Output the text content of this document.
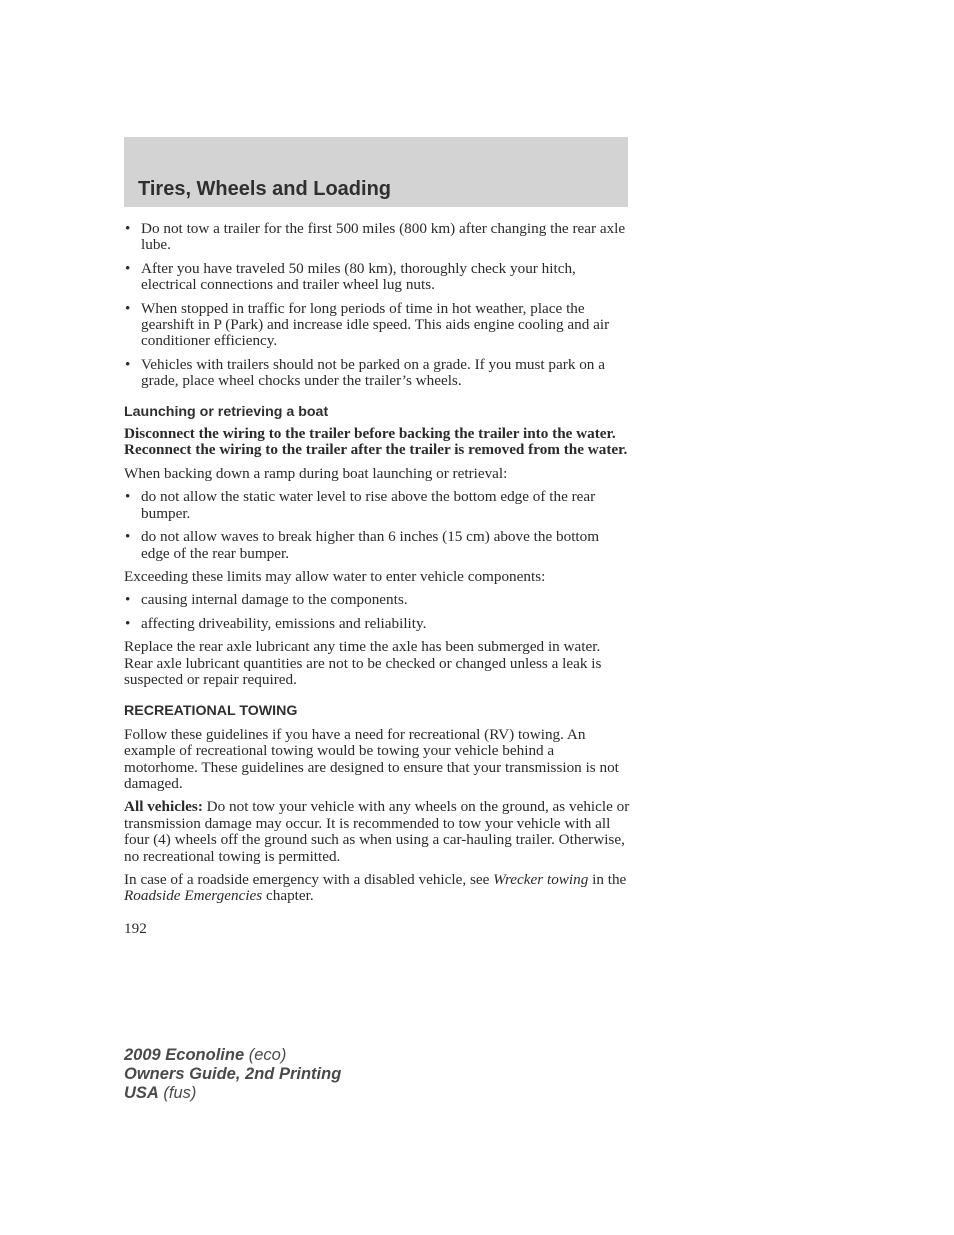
Tires, Wheels and Loading
• Do not tow a trailer for the first 500 miles (800 km) after changing the rear axle lube.
• After you have traveled 50 miles (80 km), thoroughly check your hitch, electrical connections and trailer wheel lug nuts.
• When stopped in traffic for long periods of time in hot weather, place the gearshift in P (Park) and increase idle speed. This aids engine cooling and air conditioner efficiency.
• Vehicles with trailers should not be parked on a grade. If you must park on a grade, place wheel chocks under the trailer’s wheels.
Launching or retrieving a boat

Disconnect the wiring to the trailer before backing the trailer into the water. Reconnect the wiring to the trailer after the trailer is removed from the water.

When backing down a ramp during boat launching or retrieval:

• do not allow the static water level to rise above the bottom edge of the rear bumper.
• do not allow waves to break higher than 6 inches (15 cm) above the bottom edge of the rear bumper.

Exceeding these limits may allow water to enter vehicle components:

• causing internal damage to the components.
• affecting driveability, emissions and reliability.

Replace the rear axle lubricant any time the axle has been submerged in water. Rear axle lubricant quantities are not to be checked or changed unless a leak is suspected or repair required.

RECREATIONAL TOWING

Follow these guidelines if you have a need for recreational (RV) towing. An example of recreational towing would be towing your vehicle behind a motorhome. These guidelines are designed to ensure that your transmission is not damaged.

All vehicles: Do not tow your vehicle with any wheels on the ground, as vehicle or transmission damage may occur. It is recommended to tow your vehicle with all four (4) wheels off the ground such as when using a car-hauling trailer. Otherwise, no recreational towing is permitted.

In case of a roadside emergency with a disabled vehicle, see Wrecker towing in the Roadside Emergencies chapter.

192
2009 Econoline (eco)
Owners Guide, 2nd Printing
USA (fus)
